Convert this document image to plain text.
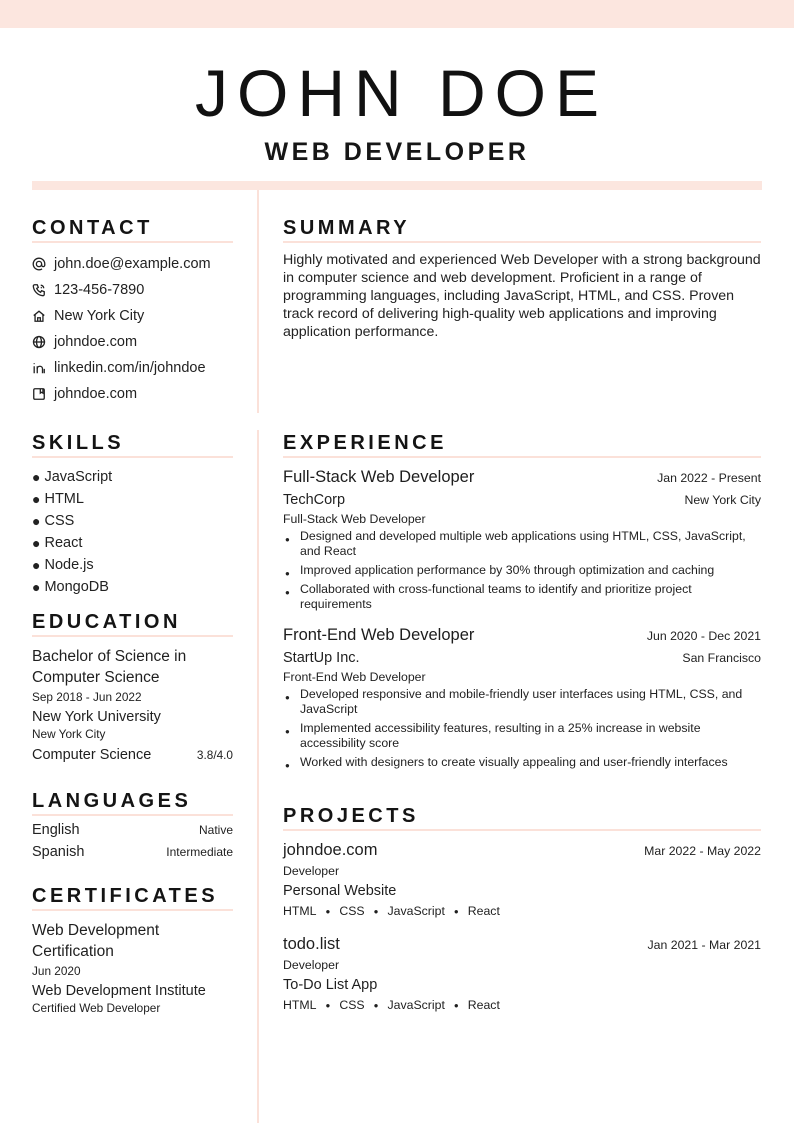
JOHN DOE
WEB DEVELOPER
CONTACT
john.doe@example.com
123-456-7890
New York City
johndoe.com
linkedin.com/in/johndoe
johndoe.com
SUMMARY
Highly motivated and experienced Web Developer with a strong background in computer science and web development. Proficient in a range of programming languages, including JavaScript, HTML, and CSS. Proven track record of delivering high-quality web applications and improving application performance.
SKILLS
● JavaScript
● HTML
● CSS
● React
● Node.js
● MongoDB
EDUCATION
Bachelor of Science in Computer Science
Sep 2018 - Jun 2022
New York University
New York City
Computer Science	3.8/4.0
LANGUAGES
English	Native
Spanish	Intermediate
CERTIFICATES
Web Development Certification
Jun 2020
Web Development Institute
Certified Web Developer
EXPERIENCE
Full-Stack Web Developer	Jan 2022 - Present
TechCorp	New York City
Full-Stack Web Developer
● Designed and developed multiple web applications using HTML, CSS, JavaScript, and React
● Improved application performance by 30% through optimization and caching
● Collaborated with cross-functional teams to identify and prioritize project requirements
Front-End Web Developer	Jun 2020 - Dec 2021
StartUp Inc.	San Francisco
Front-End Web Developer
● Developed responsive and mobile-friendly user interfaces using HTML, CSS, and JavaScript
● Implemented accessibility features, resulting in a 25% increase in website accessibility score
● Worked with designers to create visually appealing and user-friendly interfaces
PROJECTS
johndoe.com	Mar 2022 - May 2022
Developer
Personal Website
HTML ● CSS ● JavaScript ● React
todo.list	Jan 2021 - Mar 2021
Developer
To-Do List App
HTML ● CSS ● JavaScript ● React
